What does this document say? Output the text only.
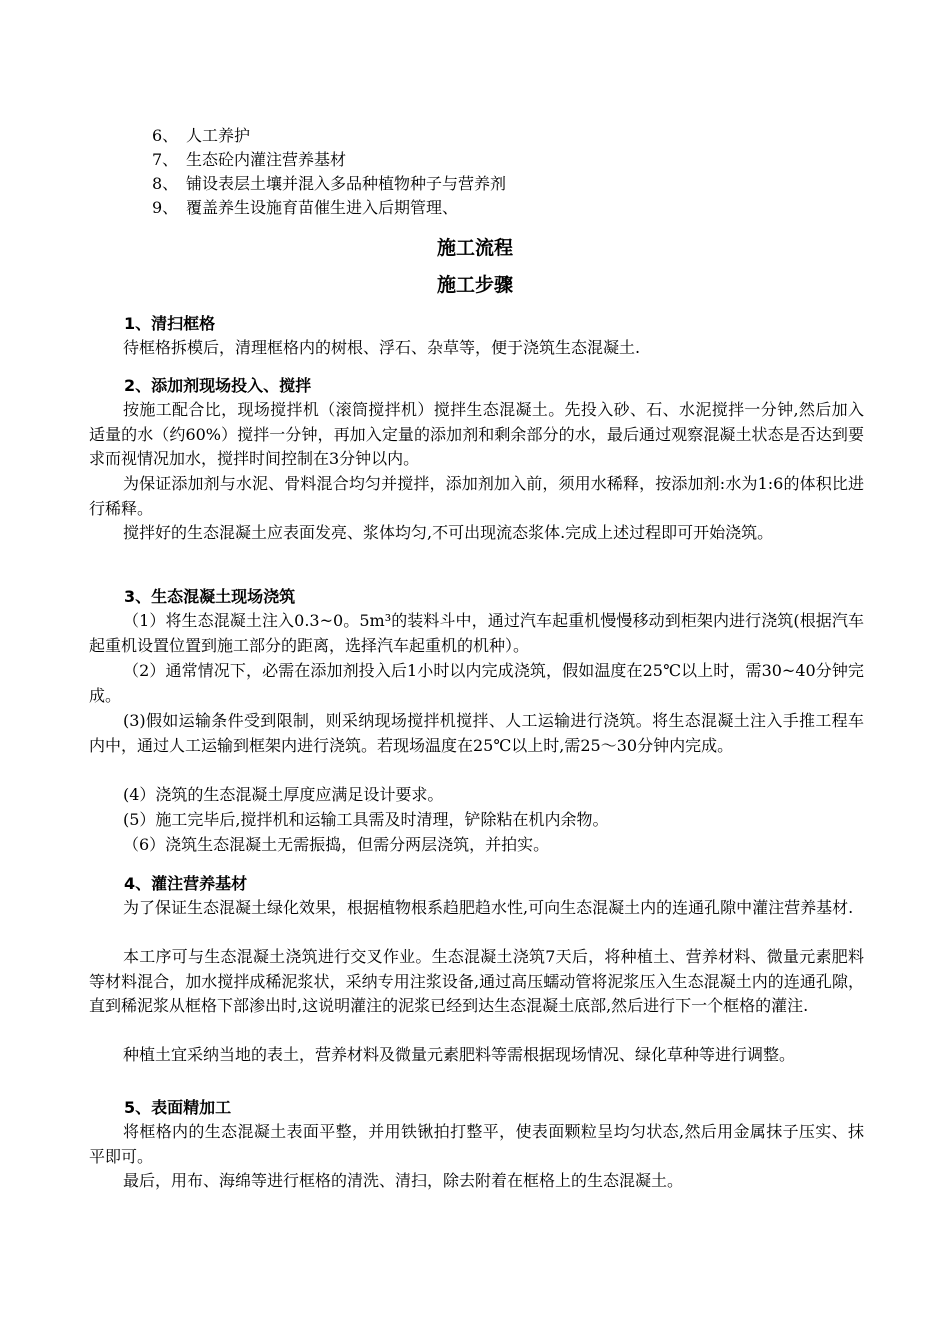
6、 人工养护
7、 生态砼内灌注营养基材
8、 铺设表层土壤并混入多品种植物种子与营养剂
9、 覆盖养生设施育苗催生进入后期管理、
施工流程
施工步骤
1、清扫框格
待框格拆模后，清理框格内的树根、浮石、杂草等，便于浇筑生态混凝土.
2、添加剂现场投入、搅拌
按施工配合比，现场搅拌机（滚筒搅拌机）搅拌生态混凝土。先投入砂、石、水泥搅拌一分钟,然后加入适量的水（约60%）搅拌一分钟，再加入定量的添加剂和剩余部分的水，最后通过观察混凝土状态是否达到要求而视情况加水，搅拌时间控制在3分钟以内。
为保证添加剂与水泥、骨料混合均匀并搅拌，添加剂加入前，须用水稀释，按添加剂:水为1:6的体积比进行稀释。
搅拌好的生态混凝土应表面发亮、浆体均匀,不可出现流态浆体.完成上述过程即可开始浇筑。
3、生态混凝土现场浇筑
（1）将生态混凝土注入0.3~0。5m³的装料斗中，通过汽车起重机慢慢移动到柜架内进行浇筑(根据汽车起重机设置位置到施工部分的距离，选择汽车起重机的机种）。
（2）通常情况下，必需在添加剂投入后1小时以内完成浇筑，假如温度在25℃以上时，需30~40分钟完成。
(3)假如运输条件受到限制，则采纳现场搅拌机搅拌、人工运输进行浇筑。将生态混凝土注入手推工程车内中，通过人工运输到框架内进行浇筑。若现场温度在25℃以上时,需25～30分钟内完成。
(4）浇筑的生态混凝土厚度应满足设计要求。
(5）施工完毕后,搅拌机和运输工具需及时清理，铲除粘在机内余物。
（6）浇筑生态混凝土无需振捣，但需分两层浇筑，并拍实。
4、灌注营养基材
为了保证生态混凝土绿化效果，根据植物根系趋肥趋水性,可向生态混凝土内的连通孔隙中灌注营养基材.
本工序可与生态混凝土浇筑进行交叉作业。生态混凝土浇筑7天后，将种植土、营养材料、微量元素肥料等材料混合，加水搅拌成稀泥浆状，采纳专用注浆设备,通过高压蠕动管将泥浆压入生态混凝土内的连通孔隙，直到稀泥浆从框格下部渗出时,这说明灌注的泥浆已经到达生态混凝土底部,然后进行下一个框格的灌注.
种植土宜采纳当地的表土，营养材料及微量元素肥料等需根据现场情况、绿化草种等进行调整。
5、表面精加工
将框格内的生态混凝土表面平整，并用铁锹拍打整平，使表面颗粒呈均匀状态,然后用金属抹子压实、抹平即可。
最后，用布、海绵等进行框格的清洗、清扫，除去附着在框格上的生态混凝土。
